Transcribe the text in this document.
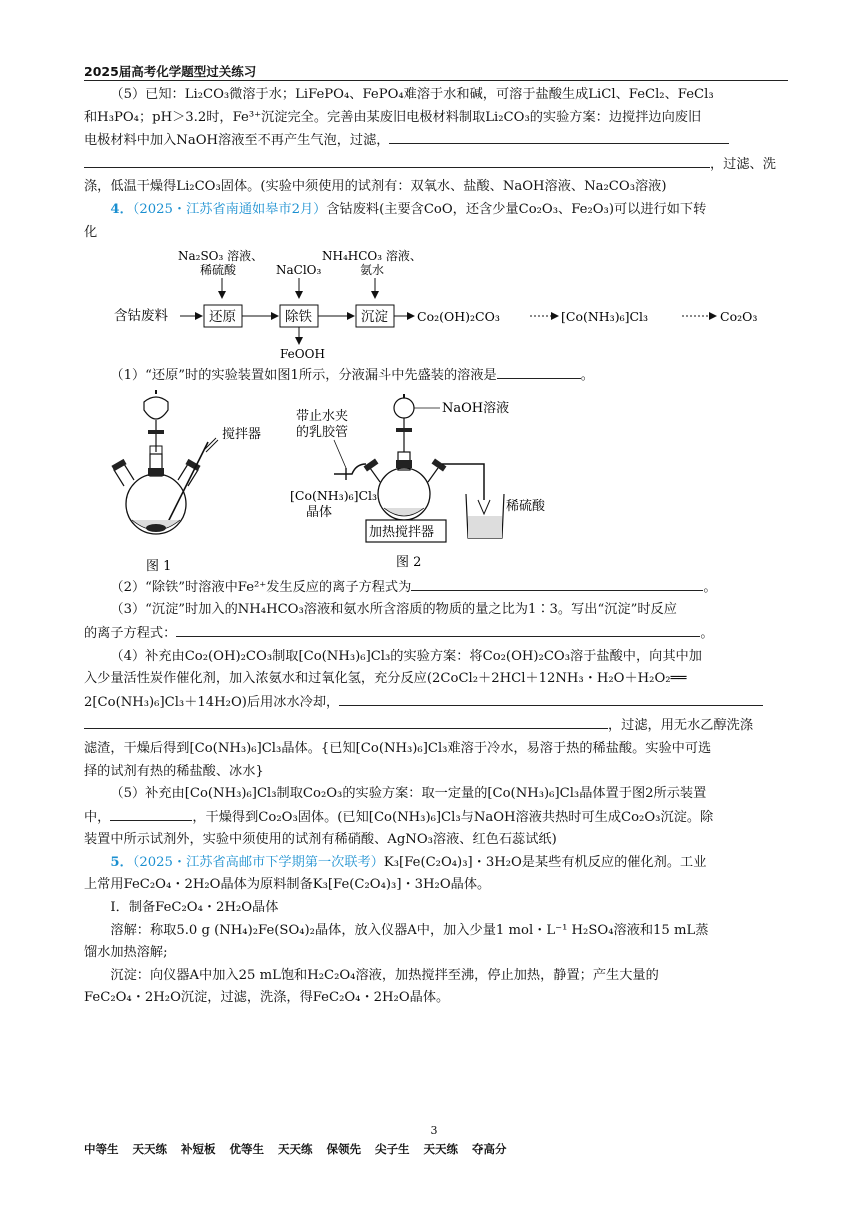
2025届高考化学题型过关练习

（5）已知：Li₂CO₃微溶于水；LiFePO₄、FePO₄难溶于水和碱，可溶于盐酸生成LiCl、FeCl₂、FeCl₃

和H₃PO₄；pH＞3.2时，Fe³⁺沉淀完全。完善由某废旧电极材料制取Li₂CO₃的实验方案：边搅拌边向废旧

电极材料中加入NaOH溶液至不再产生气泡，过滤，

，过滤、洗

涤，低温干燥得Li₂CO₃固体。(实验中须使用的试剂有：双氧水、盐酸、NaOH溶液、Na₂CO₃溶液)

4．（2025・江苏省南通如皋市2月）含钴废料(主要含CoO，还含少量Co₂O₃、Fe₂O₃)可以进行如下转

化

Na₂SO₃ 溶液、
稀硫酸	NaClO₃
NH₄HCO₃ 溶液、
氨水
含钴废料	还原	除铁	沉淀 Co₂(OH)₂CO₃	[Co(NH₃)₆]Cl₃	Co₂O₃
FeOOH

（1）“还原”时的实验装置如图1所示，分液漏斗中先盛装的溶液是	。

搅拌器
图 1
NaOH溶液
带止水夹
的乳胶管
稀硫酸
[Co(NH₃)₆]Cl₃
晶体
加热搅拌器
图 2

（2）“除铁”时溶液中Fe²⁺发生反应的离子方程式为	。

（3）“沉淀”时加入的NH₄HCO₃溶液和氨水所含溶质的物质的量之比为1∶3。写出“沉淀”时反应

的离子方程式：	。

（4）补充由Co₂(OH)₂CO₃制取[Co(NH₃)₆]Cl₃的实验方案：将Co₂(OH)₂CO₃溶于盐酸中，向其中加

入少量活性炭作催化剂，加入浓氨水和过氧化氢，充分反应(2CoCl₂＋2HCl＋12NH₃・H₂O＋H₂O₂══

2[Co(NH₃)₆]Cl₃＋14H₂O)后用冰水冷却，

，过滤，用无水乙醇洗涤

滤渣，干燥后得到[Co(NH₃)₆]Cl₃晶体。{已知[Co(NH₃)₆]Cl₃难溶于冷水，易溶于热的稀盐酸。实验中可选

择的试剂有热的稀盐酸、冰水}

（5）补充由[Co(NH₃)₆]Cl₃制取Co₂O₃的实验方案：取一定量的[Co(NH₃)₆]Cl₃晶体置于图2所示装置

中，	，干燥得到Co₂O₃固体。(已知[Co(NH₃)₆]Cl₃与NaOH溶液共热时可生成Co₂O₃沉淀。除

装置中所示试剂外，实验中须使用的试剂有稀硝酸、AgNO₃溶液、红色石蕊试纸)

5．（2025・江苏省高邮市下学期第一次联考）K₃[Fe(C₂O₄)₃]・3H₂O是某些有机反应的催化剂。工业

上常用FeC₂O₄・2H₂O晶体为原料制备K₃[Fe(C₂O₄)₃]・3H₂O晶体。

Ⅰ．制备FeC₂O₄・2H₂O晶体

溶解：称取5.0 g (NH₄)₂Fe(SO₄)₂晶体，放入仪器A中，加入少量1 mol・L⁻¹ H₂SO₄溶液和15 mL蒸

馏水加热溶解;

沉淀：向仪器A中加入25 mL饱和H₂C₂O₄溶液，加热搅拌至沸，停止加热，静置；产生大量的

FeC₂O₄・2H₂O沉淀，过滤，洗涤，得FeC₂O₄・2H₂O晶体。

3
中等生 天天练 补短板 优等生 天天练 保领先 尖子生 天天练 夺高分
